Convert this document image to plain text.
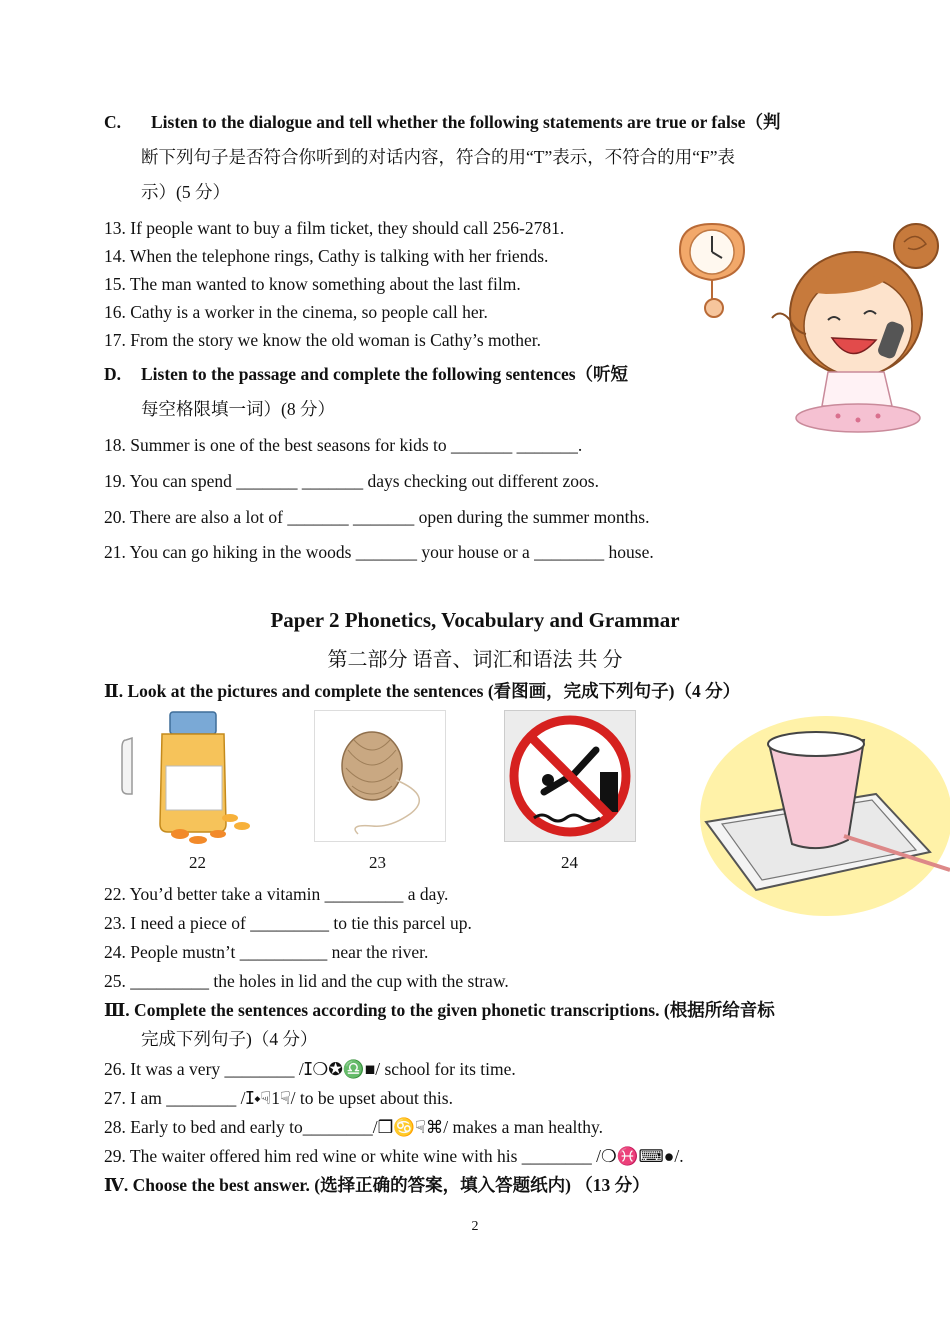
C. Listen to the dialogue and tell whether the following statements are true or false（判
断下列句子是否符合你听到的对话内容，符合的用“T”表示，不符合的用“F”表
示）(5 分）
13. If people want to buy a film ticket, they should call 256-2781.
14. When the telephone rings, Cathy is talking with her friends.
15. The man wanted to know something about the last film.
16. Cathy is a worker in the cinema, so people call her.
17. From the story we know the old woman is Cathy’s mother.
D. Listen to the passage and complete the following sentences（听短
每空格限填一词）(8 分）
18. Summer is one of the best seasons for kids to _______ _______.
19. You can spend _______ _______ days checking out different zoos.
20. There are also a lot of _______ _______ open during the summer months.
21. You can go hiking in the woods _______ your house or a ________ house.
Paper 2 Phonetics, Vocabulary and Grammar
第二部分 语音、词汇和语法 共 分
Ⅱ. Look at the pictures and complete the sentences (看图画，完成下列句子)（4 分）
22	23	24
22. You’d better take a vitamin _________ a day.
23. I need a piece of _________ to tie this parcel up.
24. People mustn’t __________ near the river.
25. _________ the holes in lid and the cup with the straw.
Ⅲ. Complete the sentences according to the given phonetic transcriptions. (根据所给音标
完成下列句子)（4 分）
26. It was a very ________ /ⵊ❍✪♎■/ school for its time.
27. I am ________ /ⵊ⬩☟1☟/ to be upset about this.
28. Early to bed and early to________/❒♋☟⌘/ makes a man healthy.
29. The waiter offered him red wine or white wine with his ________ /❍♓⌨●/.
Ⅳ. Choose the best answer. (选择正确的答案，填入答题纸内) （13 分）
2
